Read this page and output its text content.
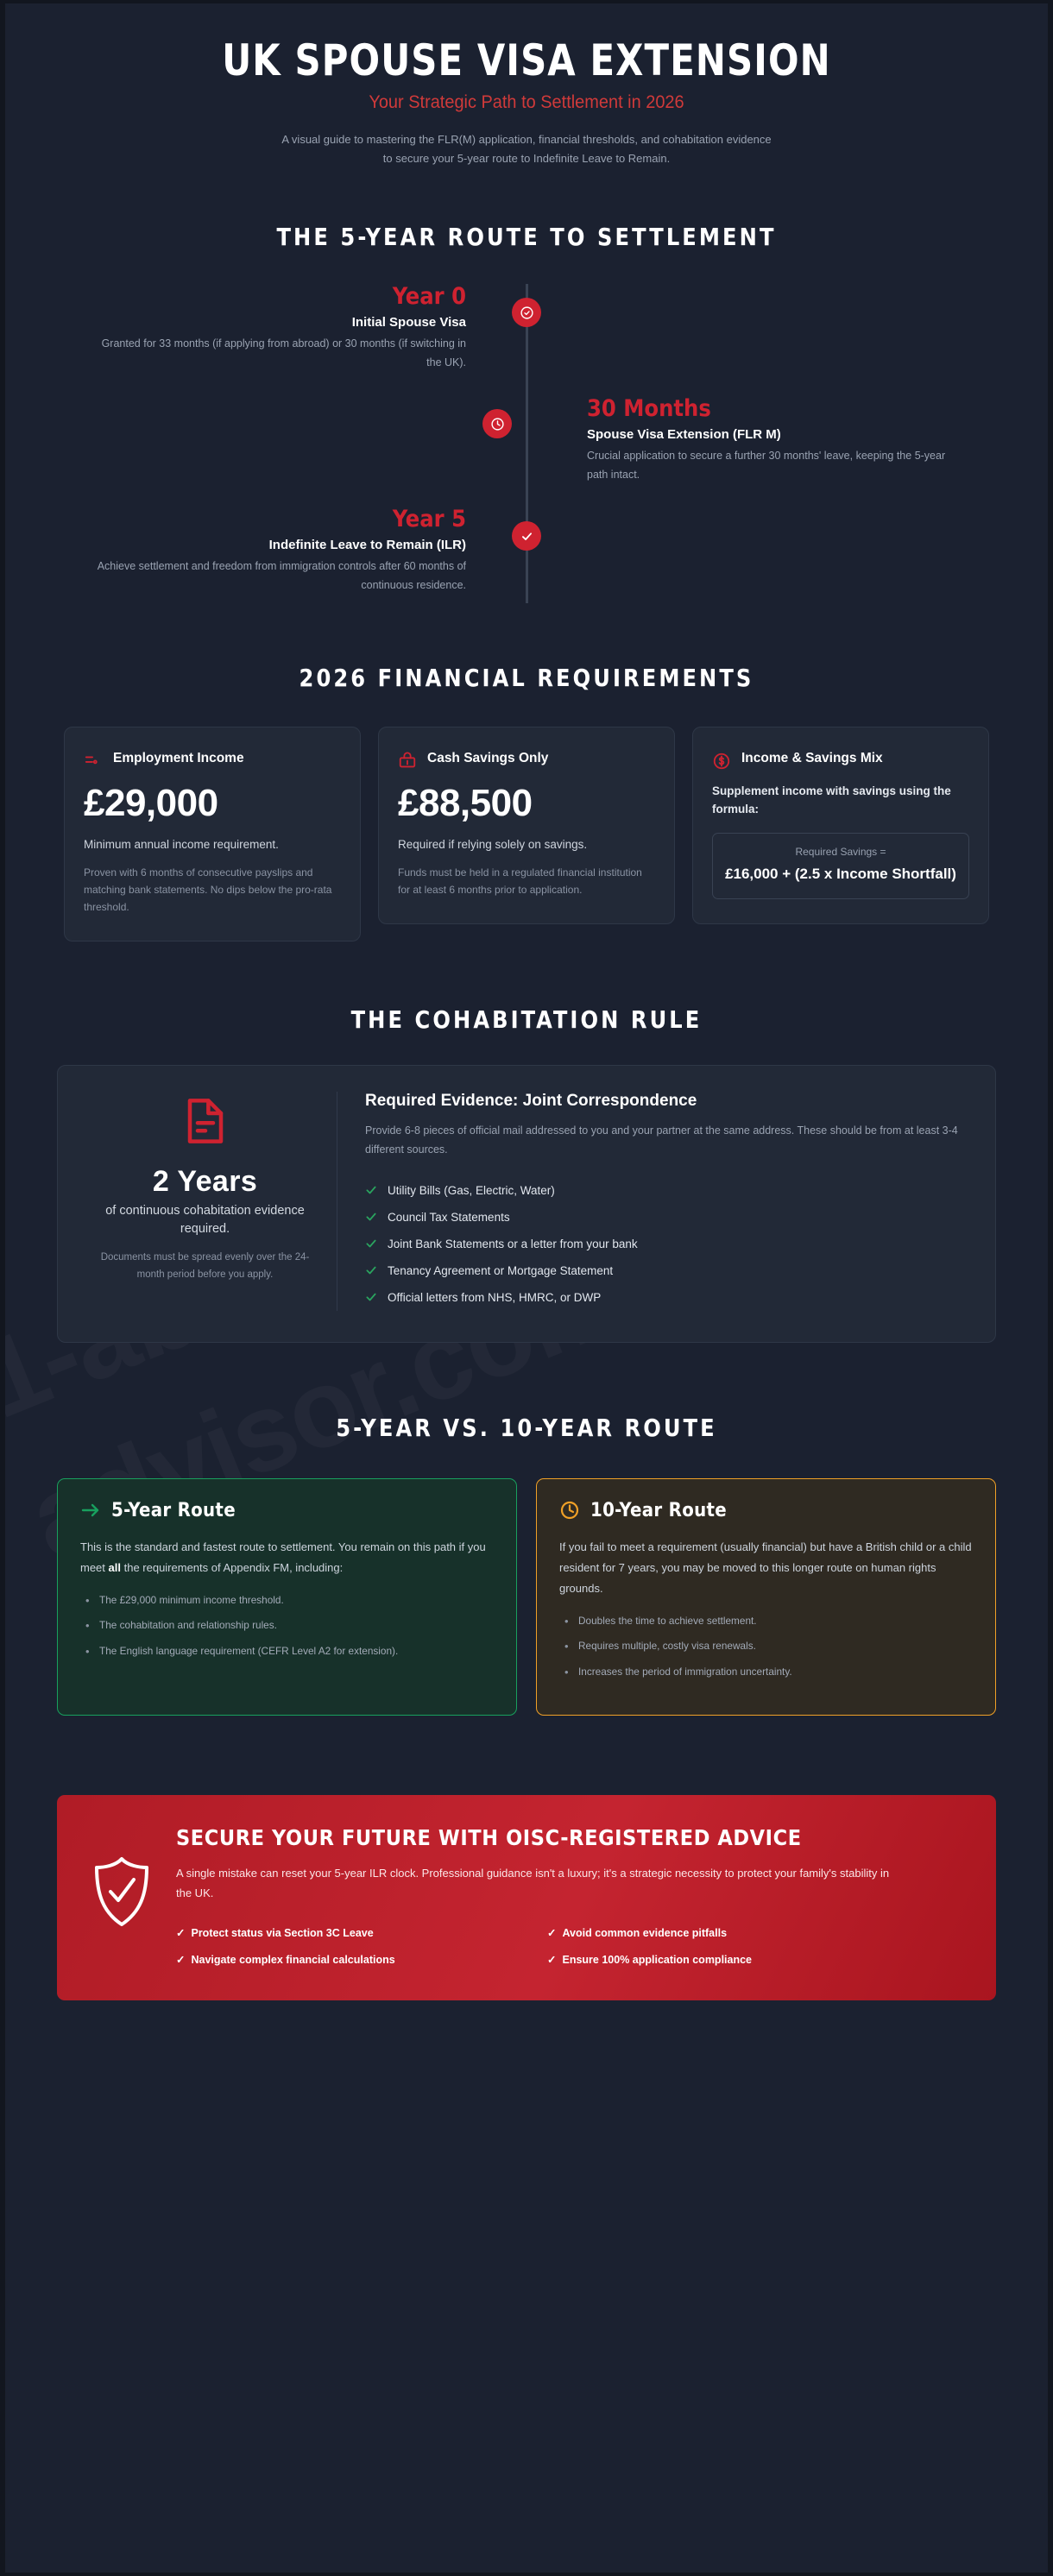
UK SPOUSE VISA EXTENSION
Your Strategic Path to Settlement in 2026
A visual guide to mastering the FLR(M) application, financial thresholds, and cohabitation evidence
to secure your 5-year route to Indefinite Leave to Remain.
THE 5-YEAR ROUTE TO SETTLEMENT
Year 0
Initial Spouse Visa
Granted for 33 months (if applying from abroad) or 30 months (if switching in the UK).
30 Months
Spouse Visa Extension (FLR M)
Crucial application to secure a further 30 months' leave, keeping the 5-year path intact.
Year 5
Indefinite Leave to Remain (ILR)
Achieve settlement and freedom from immigration controls after 60 months of continuous residence.
2026 FINANCIAL REQUIREMENTS
Employment Income
£29,000
Minimum annual income requirement.
Proven with 6 months of consecutive payslips and matching bank statements. No dips below the pro-rata threshold.
Cash Savings Only
£88,500
Required if relying solely on savings.
Funds must be held in a regulated financial institution for at least 6 months prior to application.
Income & Savings Mix
Supplement income with savings using the formula:
Required Savings =
£16,000 + (2.5 x Income Shortfall)
THE COHABITATION RULE
2 Years
of continuous cohabitation evidence required.
Documents must be spread evenly over the 24-month period before you apply.
Required Evidence: Joint Correspondence
Provide 6-8 pieces of official mail addressed to you and your partner at the same address. These should be from at least 3-4 different sources.
Utility Bills (Gas, Electric, Water)
Council Tax Statements
Joint Bank Statements or a letter from your bank
Tenancy Agreement or Mortgage Statement
Official letters from NHS, HMRC, or DWP
5-YEAR VS. 10-YEAR ROUTE
5-Year Route
This is the standard and fastest route to settlement. You remain on this path if you meet all the requirements of Appendix FM, including:
• The £29,000 minimum income threshold.
• The cohabitation and relationship rules.
• The English language requirement (CEFR Level A2 for extension).
10-Year Route
If you fail to meet a requirement (usually financial) but have a British child or a child resident for 7 years, you may be moved to this longer route on human rights grounds.
• Doubles the time to achieve settlement.
• Requires multiple, costly visa renewals.
• Increases the period of immigration uncertainty.
SECURE YOUR FUTURE WITH OISC-REGISTERED ADVICE
A single mistake can reset your 5-year ILR clock. Professional guidance isn't a luxury; it's a strategic necessity to protect your family's stability in the UK.
✓ Protect status via Section 3C Leave	✓ Avoid common evidence pitfalls
✓ Navigate complex financial calculations	✓ Ensure 100% application compliance
